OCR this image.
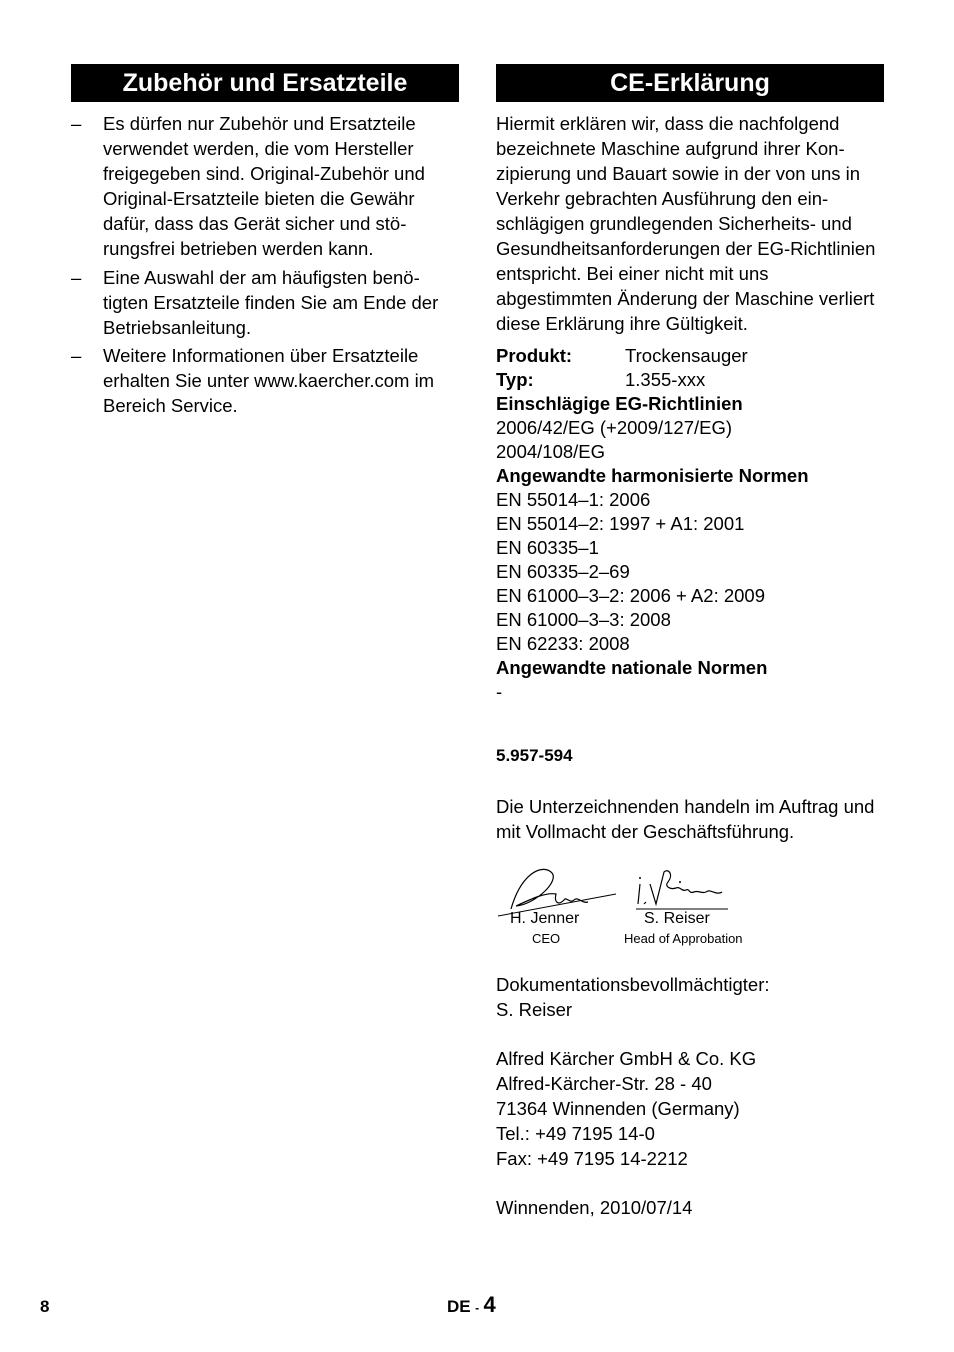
Zubehör und Ersatzteile
– Es dürfen nur Zubehör und Ersatzteile verwendet werden, die vom Hersteller freigegeben sind. Original-Zubehör und Original-Ersatzteile bieten die Gewähr dafür, dass das Gerät sicher und stö-rungsfrei betrieben werden kann.
– Eine Auswahl der am häufigsten benö-tigten Ersatzteile finden Sie am Ende der Betriebsanleitung.
– Weitere Informationen über Ersatzteile erhalten Sie unter www.kaercher.com im Bereich Service.
CE-Erklärung

Hiermit erklären wir, dass die nachfolgend bezeichnete Maschine aufgrund ihrer Kon-zipierung und Bauart sowie in der von uns in Verkehr gebrachten Ausführung den ein-schlägigen grundlegenden Sicherheits- und Gesundheitsanforderungen der EG-Richtlinien entspricht. Bei einer nicht mit uns abgestimmten Änderung der Maschine verliert diese Erklärung ihre Gültigkeit.

Produkt:	Trockensauger
Typ:	1.355-xxx
Einschlägige EG-Richtlinien
2006/42/EG (+2009/127/EG)
2004/108/EG
Angewandte harmonisierte Normen
EN 55014–1: 2006
EN 55014–2: 1997 + A1: 2001
EN 60335–1
EN 60335–2–69
EN 61000–3–2: 2006 + A2: 2009
EN 61000–3–3: 2008
EN 62233: 2008
Angewandte nationale Normen
-
5.957-594
Die Unterzeichnenden handeln im Auftrag und mit Vollmacht der Geschäftsführung.
H. Jenner
CEO
S. Reiser
Head of Approbation
Dokumentationsbevollmächtigter:
S. Reiser
Alfred Kärcher GmbH & Co. KG
Alfred-Kärcher-Str. 28 - 40
71364 Winnenden (Germany)
Tel.: +49 7195 14-0
Fax: +49 7195 14-2212
Winnenden, 2010/07/14
8	DE - 4
